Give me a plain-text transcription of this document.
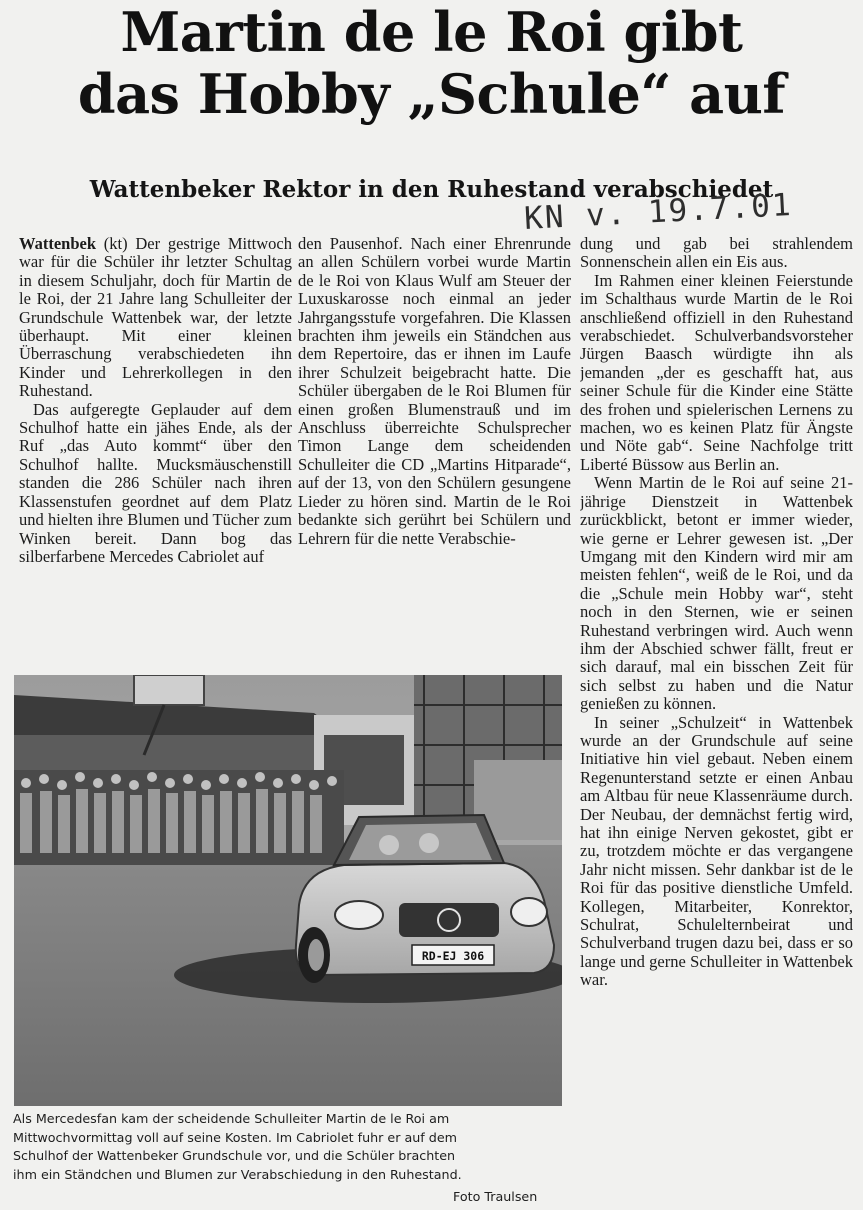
Martin de le Roi gibt
das Hobby „Schule“ auf
Wattenbeker Rektor in den Ruhestand verabschiedet
KN v. 19.7.01

Wattenbek (kt) Der gestrige Mittwoch war für die Schüler ihr letzter Schultag in diesem Schuljahr, doch für Martin de le Roi, der 21 Jahre lang Schulleiter der Grundschule Wattenbek war, der letzte überhaupt. Mit einer kleinen Überraschung verabschiedeten ihn Kinder und Lehrerkollegen in den Ruhestand.

Das aufgeregte Geplauder auf dem Schulhof hatte ein jähes Ende, als der Ruf „das Auto kommt“ über den Schulhof hallte. Mucksmäuschenstill standen die 286 Schüler nach ihren Klassenstufen geordnet auf dem Platz und hielten ihre Blumen und Tücher zum Winken bereit. Dann bog das silberfarbene Mercedes Cabriolet auf

den Pausenhof. Nach einer Ehrenrunde an allen Schülern vorbei wurde Martin de le Roi von Klaus Wulf am Steuer der Luxuskarosse noch einmal an jeder Jahrgangsstufe vorgefahren. Die Klassen brachten ihm jeweils ein Ständchen aus dem Repertoire, das er ihnen im Laufe ihrer Schulzeit beigebracht hatte. Die Schüler übergaben de le Roi Blumen für einen großen Blumenstrauß und im Anschluss überreichte Schulsprecher Timon Lange dem scheidenden Schulleiter die CD „Martins Hitparade“, auf der 13, von den Schülern gesungene Lieder zu hören sind. Martin de le Roi bedankte sich gerührt bei Schülern und Lehrern für die nette Verabschie-

dung und gab bei strahlendem Sonnenschein allen ein Eis aus.

Im Rahmen einer kleinen Feierstunde im Schalthaus wurde Martin de le Roi anschließend offiziell in den Ruhestand verabschiedet. Schulverbandsvorsteher Jürgen Baasch würdigte ihn als jemanden „der es geschafft hat, aus seiner Schule für die Kinder eine Stätte des frohen und spielerischen Lernens zu machen, wo es keinen Platz für Ängste und Nöte gab“. Seine Nachfolge tritt Liberté Büssow aus Berlin an.

Wenn Martin de le Roi auf seine 21-jährige Dienstzeit in Wattenbek zurückblickt, betont er immer wieder, wie gerne er Lehrer gewesen ist. „Der Umgang mit den Kindern wird mir am meisten fehlen“, weiß de le Roi, und da die „Schule mein Hobby war“, steht noch in den Sternen, wie er seinen Ruhestand verbringen wird. Auch wenn ihm der Abschied schwer fällt, freut er sich darauf, mal ein bisschen Zeit für sich selbst zu haben und die Natur genießen zu können.

In seiner „Schulzeit“ in Wattenbek wurde an der Grundschule auf seine Initiative hin viel gebaut. Neben einem Regenunterstand setzte er einen Anbau am Altbau für neue Klassenräume durch. Der Neubau, der demnächst fertig wird, hat ihn einige Nerven gekostet, gibt er zu, trotzdem möchte er das vergangene Jahr nicht missen. Sehr dankbar ist de le Roi für das positive dienstliche Umfeld. Kollegen, Mitarbeiter, Konrektor, Schulrat, Schulelternbeirat und Schulverband trugen dazu bei, dass er so lange und gerne Schulleiter in Wattenbek war.

RD-EJ 306
Als Mercedesfan kam der scheidende Schulleiter Martin de le Roi am
Mittwochvormittag voll auf seine Kosten. Im Cabriolet fuhr er auf dem
Schulhof der Wattenbeker Grundschule vor, und die Schüler brachten
ihm ein Ständchen und Blumen zur Verabschiedung in den Ruhestand.
Foto Traulsen
